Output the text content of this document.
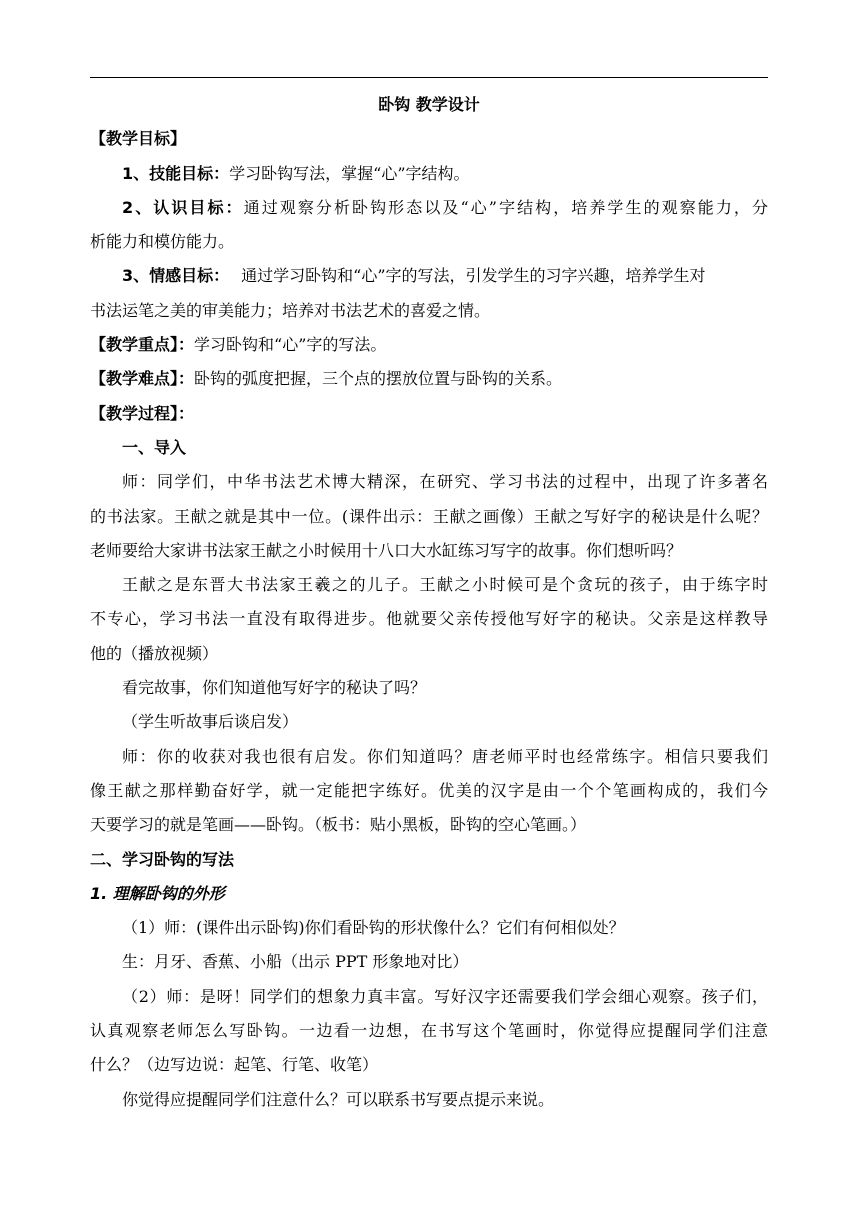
卧钩 教学设计
【教学目标】
1、技能目标：学习卧钩写法，掌握“心”字结构。
2、认识目标：通过观察分析卧钩形态以及“心”字结构，培养学生的观察能力，分
析能力和模仿能力。
3、情感目标： 通过学习卧钩和“心”字的写法，引发学生的习字兴趣，培养学生对
书法运笔之美的审美能力；培养对书法艺术的喜爱之情。
【教学重点】：学习卧钩和“心”字的写法。
【教学难点】：卧钩的弧度把握，三个点的摆放位置与卧钩的关系。
【教学过程】：
一、导入
师：同学们，中华书法艺术博大精深，在研究、学习书法的过程中，出现了许多著名
的书法家。王献之就是其中一位。(课件出示：王献之画像）王献之写好字的秘诀是什么呢？
老师要给大家讲书法家王献之小时候用十八口大水缸练习写字的故事。你们想听吗？
王献之是东晋大书法家王羲之的儿子。王献之小时候可是个贪玩的孩子，由于练字时
不专心，学习书法一直没有取得进步。他就要父亲传授他写好字的秘诀。父亲是这样教导
他的（播放视频）
看完故事，你们知道他写好字的秘诀了吗？
（学生听故事后谈启发）
师：你的收获对我也很有启发。你们知道吗？唐老师平时也经常练字。相信只要我们
像王献之那样勤奋好学，就一定能把字练好。优美的汉字是由一个个笔画构成的，我们今
天要学习的就是笔画——卧钩。（板书：贴小黑板，卧钩的空心笔画。）
二、学习卧钩的写法
1. 理解卧钩的外形
（1）师：(课件出示卧钩)你们看卧钩的形状像什么？它们有何相似处？
生：月牙、香蕉、小船（出示 PPT 形象地对比）
（2）师：是呀！同学们的想象力真丰富。写好汉字还需要我们学会细心观察。孩子们，
认真观察老师怎么写卧钩。一边看一边想，在书写这个笔画时，你觉得应提醒同学们注意
什么？（边写边说：起笔、行笔、收笔）
你觉得应提醒同学们注意什么？可以联系书写要点提示来说。
